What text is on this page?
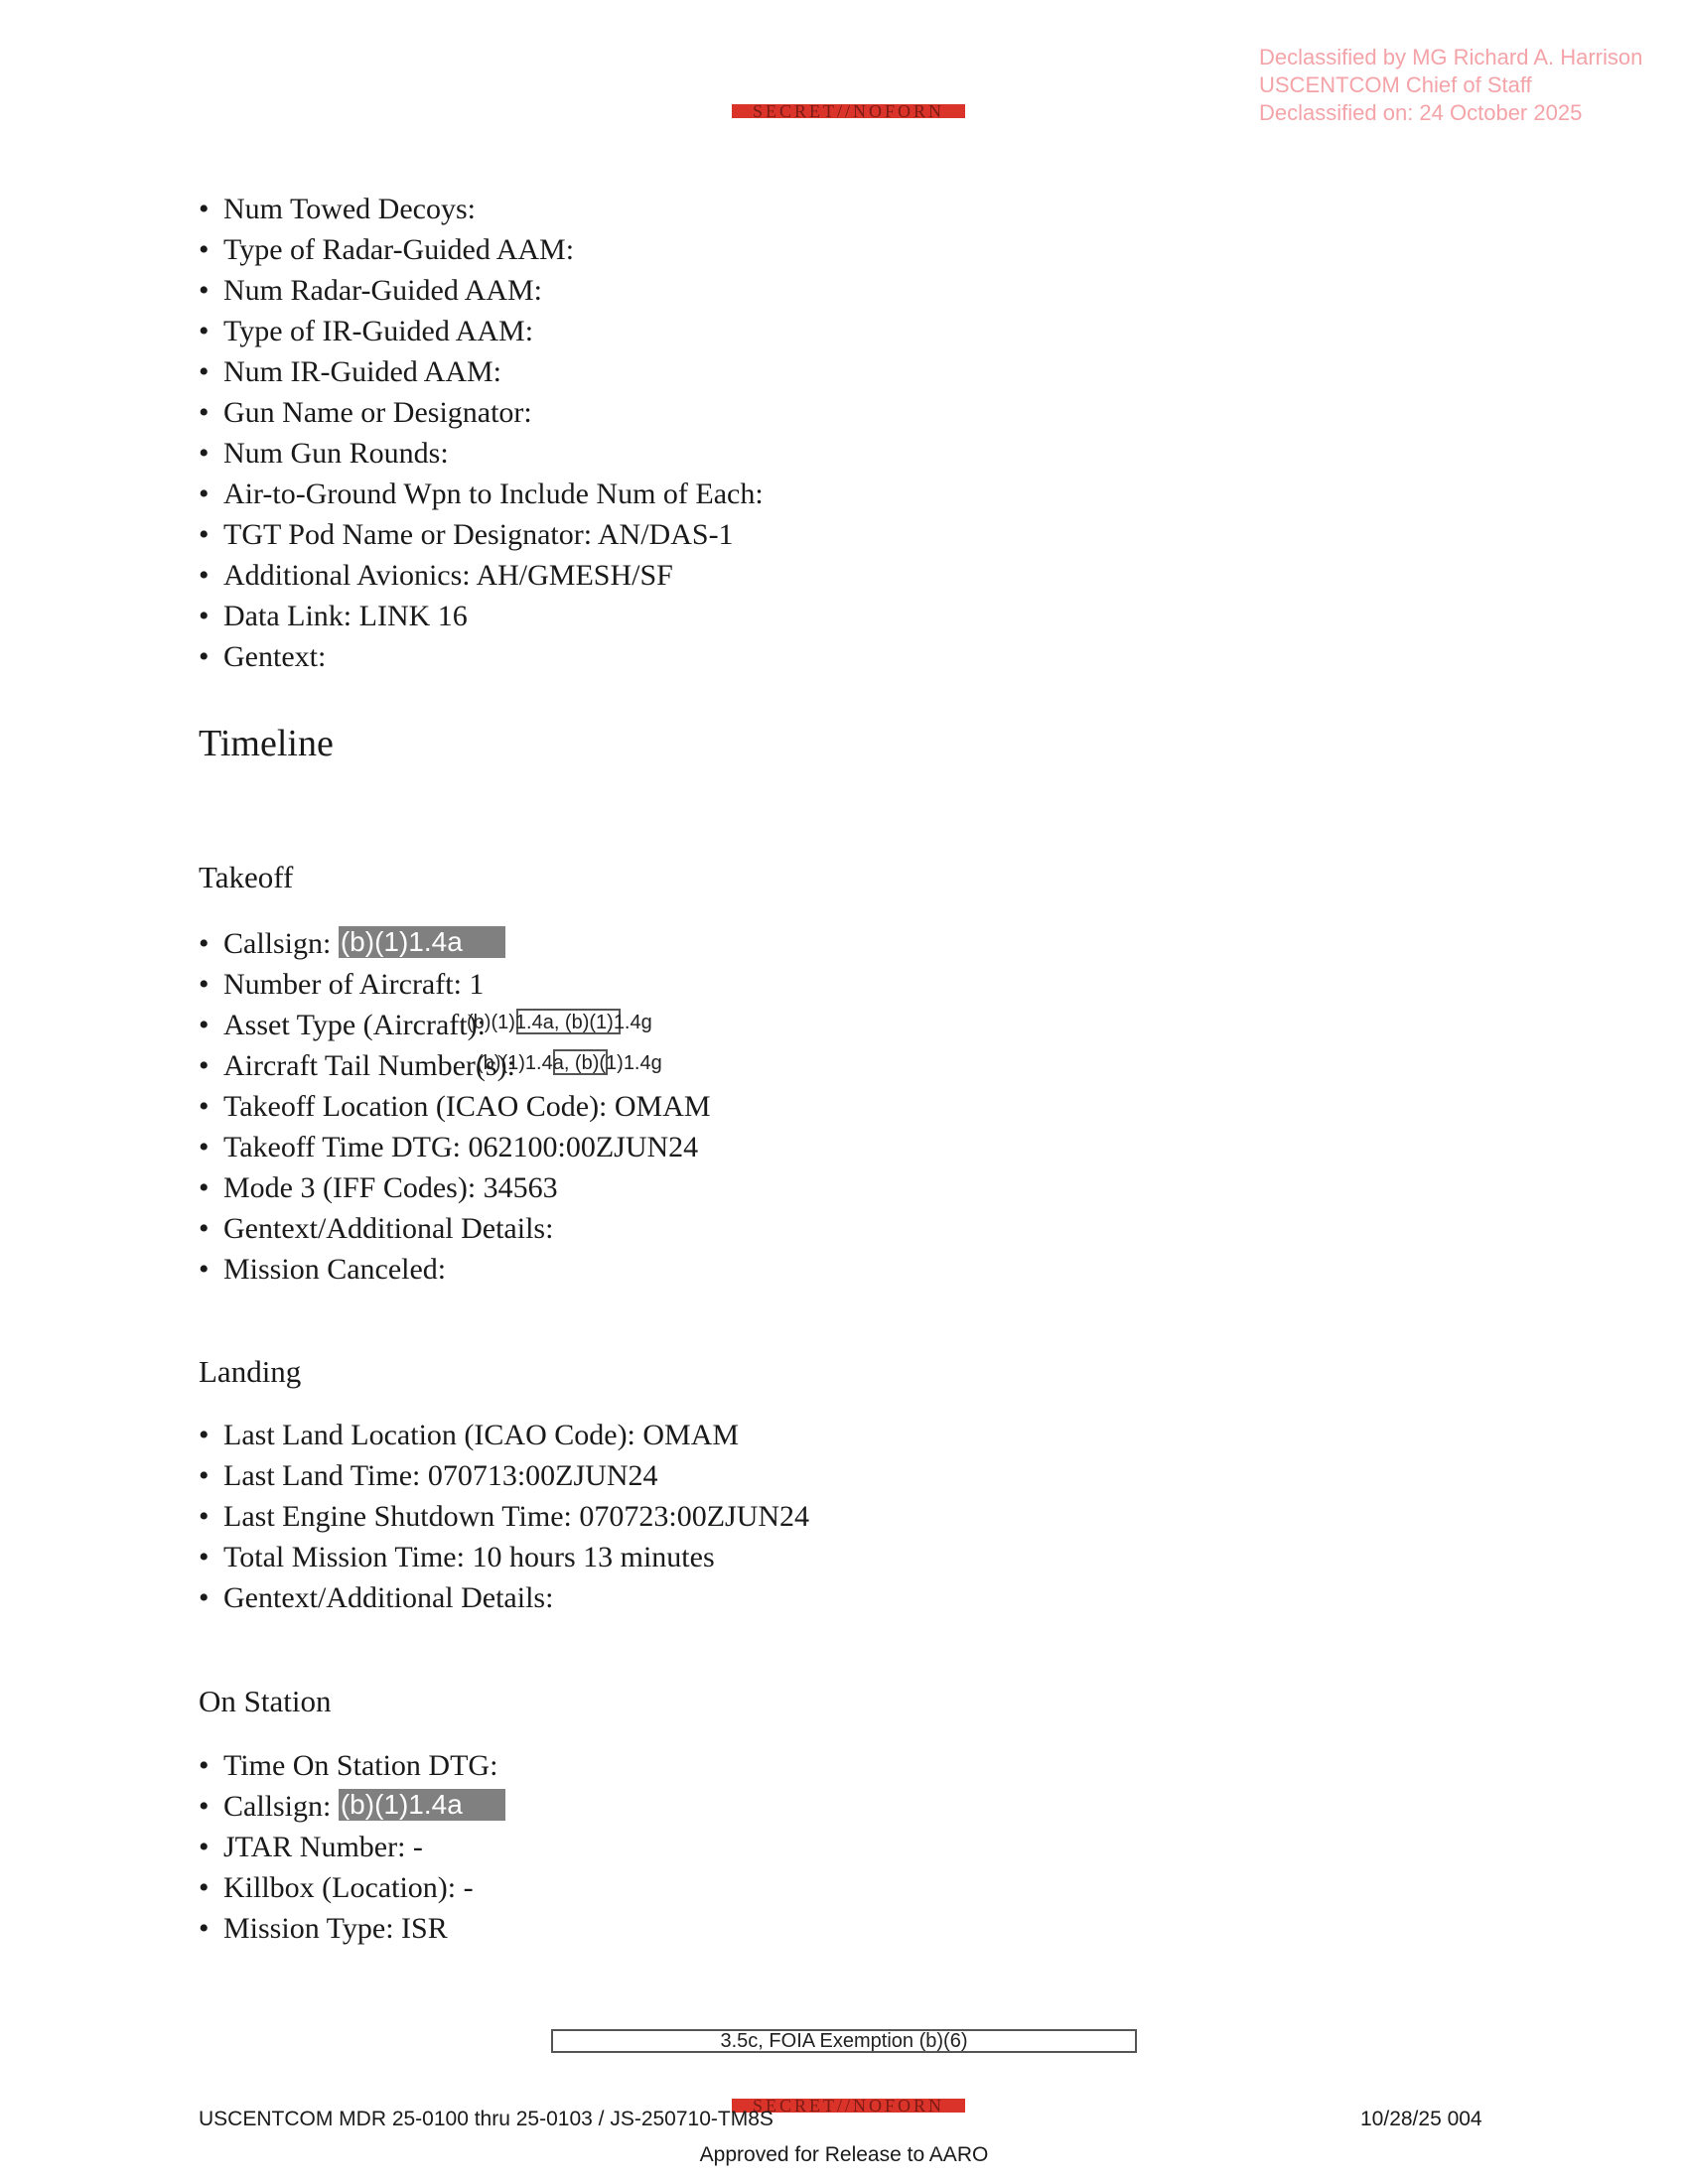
Declassified by MG Richard A. Harrison
USCENTCOM Chief of Staff
Declassified on: 24 October 2025
SECRET//NOFORN
• Num Towed Decoys:
• Type of Radar-Guided AAM:
• Num Radar-Guided AAM:
• Type of IR-Guided AAM:
• Num IR-Guided AAM:
• Gun Name or Designator:
• Num Gun Rounds:
• Air-to-Ground Wpn to Include Num of Each:
• TGT Pod Name or Designator: AN/DAS-1
• Additional Avionics: AH/GMESH/SF
• Data Link: LINK 16
• Gentext:
Timeline
Takeoff
• Callsign: (b)(1)1.4a
• Number of Aircraft: 1
• Asset Type (Aircraft):
• Aircraft Tail Number(s):
• Takeoff Location (ICAO Code): OMAM
• Takeoff Time DTG: 062100:00ZJUN24
• Mode 3 (IFF Codes): 34563
• Gentext/Additional Details:
• Mission Canceled:
(b)(1)1.4a, (b)(1)1.4g
(b)(1)1.4a, (b)(1)1.4g
Landing
• Last Land Location (ICAO Code): OMAM
• Last Land Time: 070713:00ZJUN24
• Last Engine Shutdown Time: 070723:00ZJUN24
• Total Mission Time: 10 hours 13 minutes
• Gentext/Additional Details:
On Station
• Time On Station DTG:
• Callsign: (b)(1)1.4a
• JTAR Number: -
• Killbox (Location): -
• Mission Type: ISR
3.5c, FOIA Exemption (b)(6)
SECRET//NOFORN
USCENTCOM MDR 25-0100 thru 25-0103 / JS-250710-TM8S	10/28/25 004
Approved for Release to AARO
